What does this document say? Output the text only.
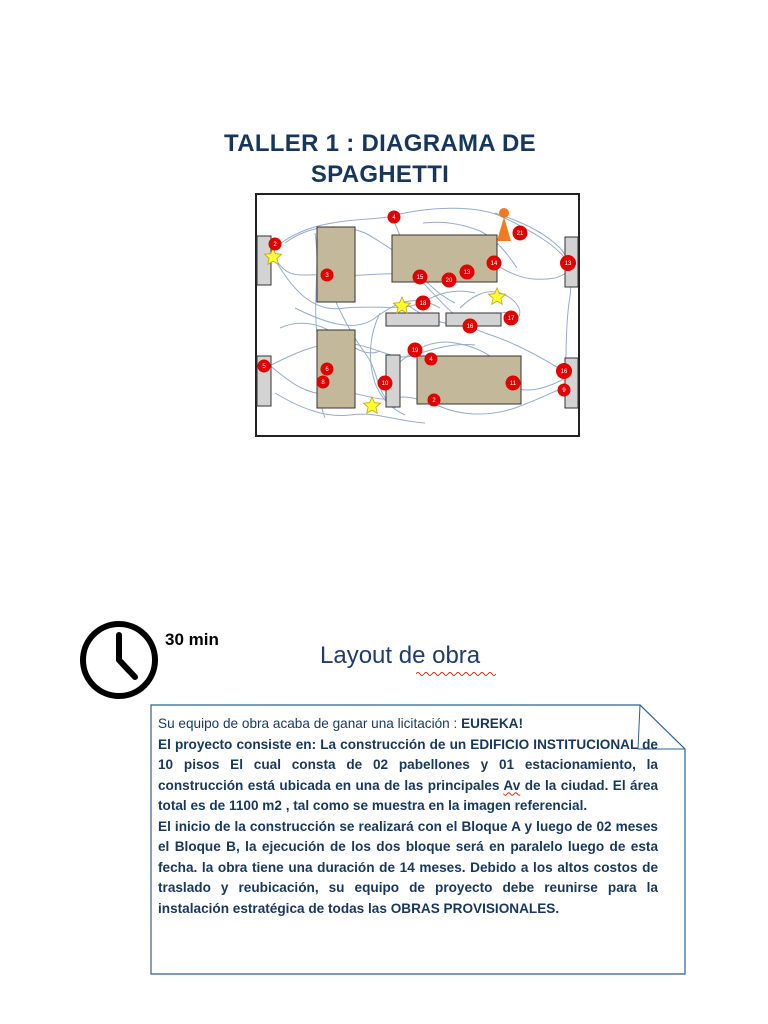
TALLER 1 : DIAGRAMA DE
SPAGHETTI
4
2
21
3	15	20
13
14	13
18
17
16
19
4
6
5
8	10	11
16
9
2
30 min
Layout de obra

Su equipo de obra acaba de ganar una licitación : EUREKA!

El proyecto consiste en: La construcción de un EDIFICIO INSTITUCIONAL de 10 pisos El cual consta de 02 pabellones y 01 estacionamiento, la construcción está ubicada en una de las principales Av de la ciudad. El área total es de 1100 m2 , tal como se muestra en la imagen referencial.

El inicio de la construcción se realizará con el Bloque A y luego de 02 meses el Bloque B, la ejecución de los dos bloque será en paralelo luego de esta fecha. la obra tiene una duración de 14 meses. Debido a los altos costos de traslado y reubicación, su equipo de proyecto debe reunirse para la instalación estratégica de todas las OBRAS PROVISIONALES.
